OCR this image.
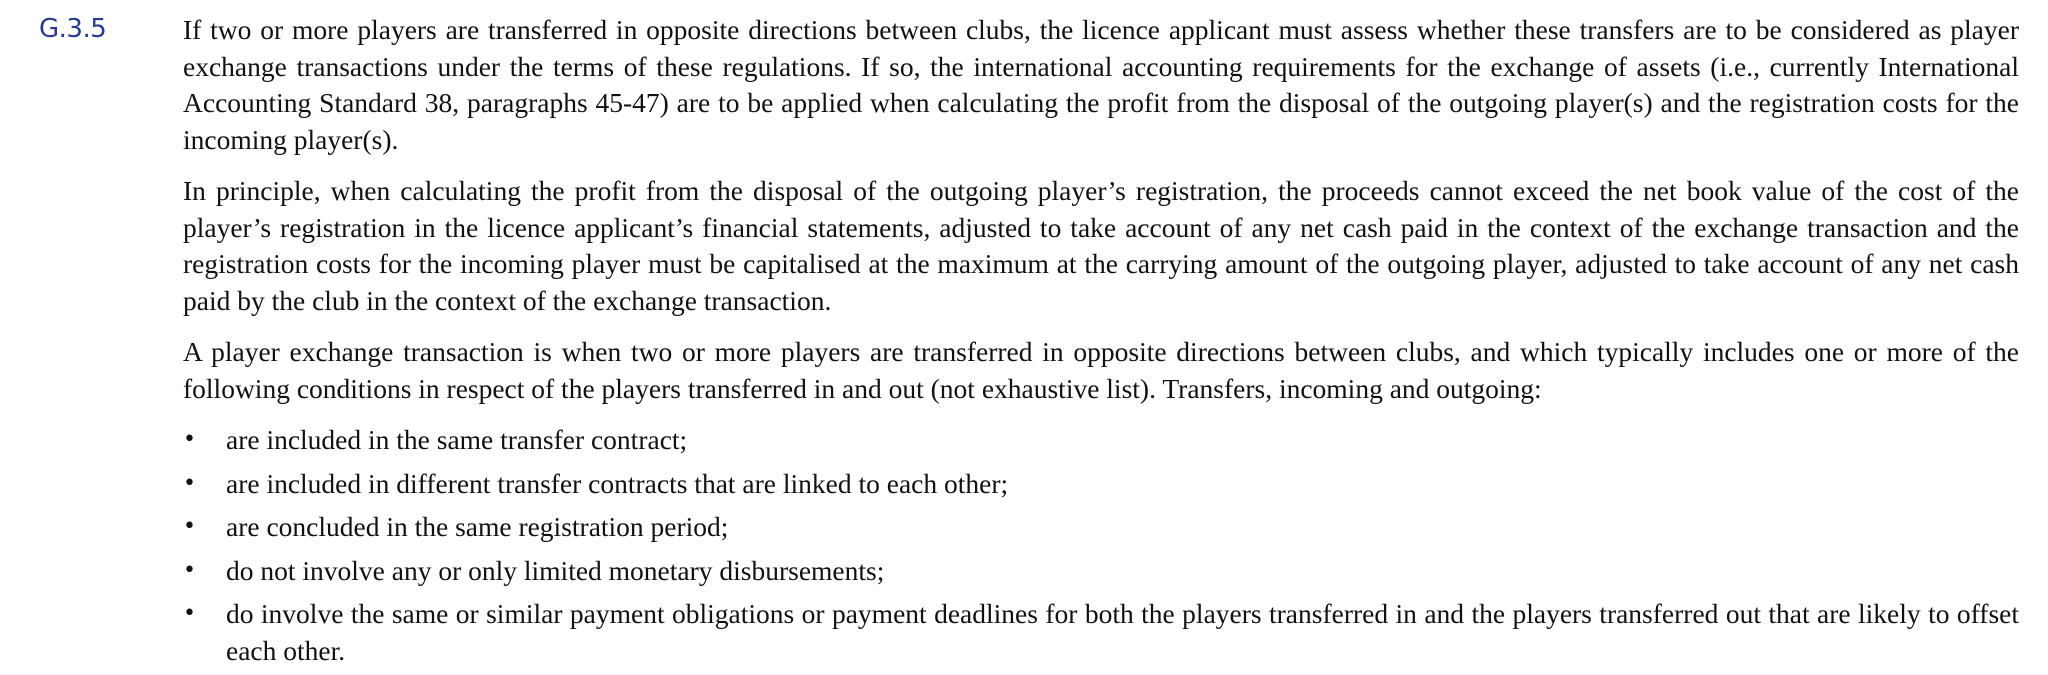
G.3.5	If two or more players are transferred in opposite directions between clubs, the licence applicant must assess whether these transfers are to be considered as player exchange transactions under the terms of these regulations. If so, the international accounting requirements for the exchange of assets (i.e., currently International Accounting Standard 38, paragraphs 45-47) are to be applied when calculating the profit from the disposal of the outgoing player(s) and the registration costs for the incoming player(s).

In principle, when calculating the profit from the disposal of the outgoing player’s registration, the proceeds cannot exceed the net book value of the cost of the player’s registration in the licence applicant’s financial statements, adjusted to take account of any net cash paid in the context of the exchange transaction and the registration costs for the incoming player must be capitalised at the maximum at the carrying amount of the outgoing player, adjusted to take account of any net cash paid by the club in the context of the exchange transaction.

A player exchange transaction is when two or more players are transferred in opposite directions between clubs, and which typically includes one or more of the following conditions in respect of the players transferred in and out (not exhaustive list). Transfers, incoming and outgoing:

• are included in the same transfer contract;
• are included in different transfer contracts that are linked to each other;
• are concluded in the same registration period;
• do not involve any or only limited monetary disbursements;
• do involve the same or similar payment obligations or payment deadlines for both the players transferred in and the players transferred out that are likely to offset each other.
